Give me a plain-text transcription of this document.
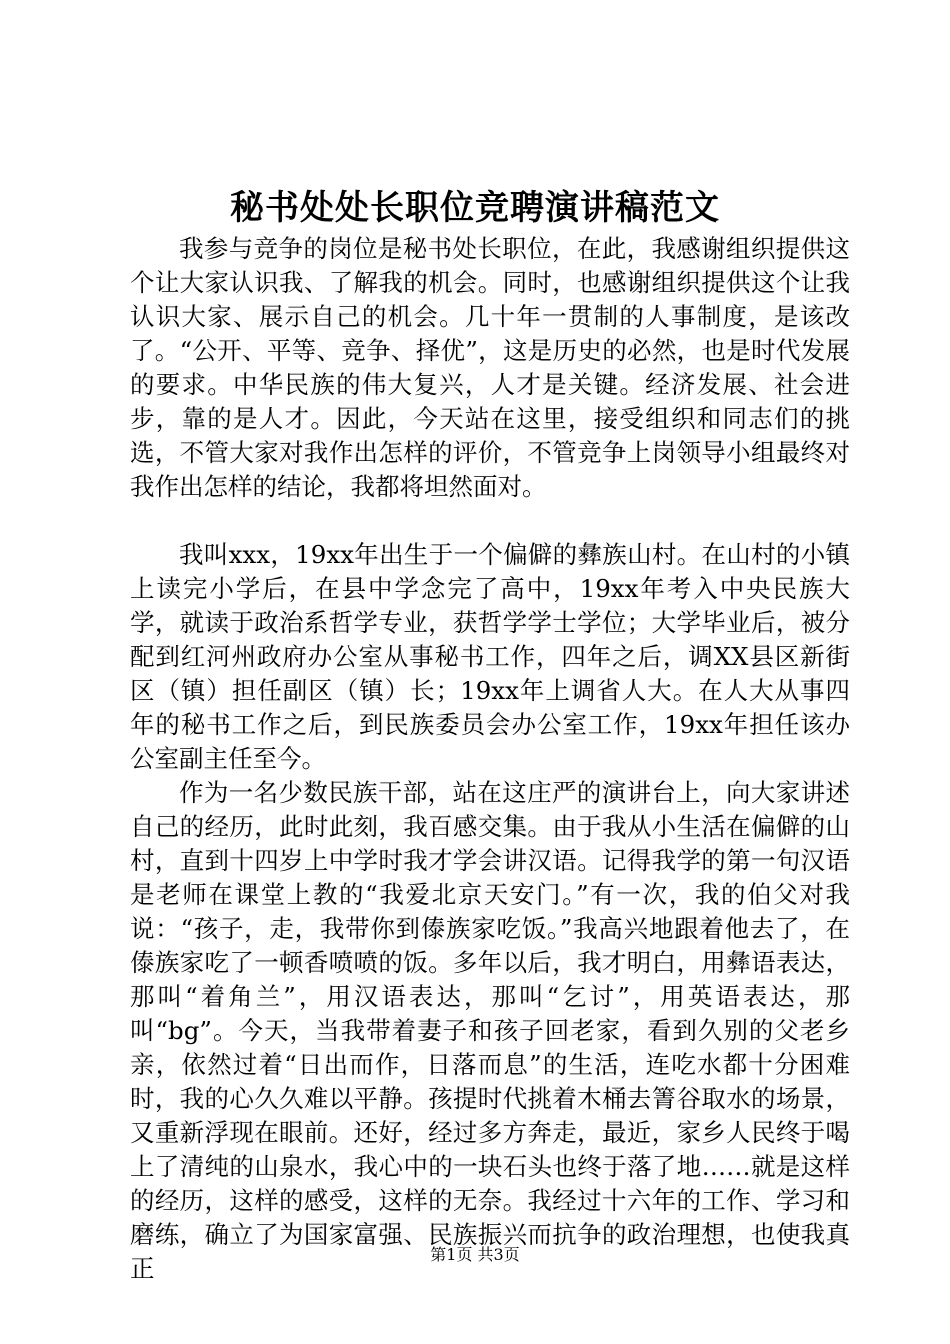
秘书处处长职位竞聘演讲稿范文

我参与竞争的岗位是秘书处长职位，在此，我感谢组织提供这个让大家认识我、了解我的机会。同时，也感谢组织提供这个让我认识大家、展示自己的机会。几十年一贯制的人事制度，是该改了。“公开、平等、竞争、择优”，这是历史的必然，也是时代发展的要求。中华民族的伟大复兴，人才是关键。经济发展、社会进步，靠的是人才。因此，今天站在这里，接受组织和同志们的挑选，不管大家对我作出怎样的评价，不管竞争上岗领导小组最终对我作出怎样的结论，我都将坦然面对。

我叫xxx，19xx年出生于一个偏僻的彝族山村。在山村的小镇上读完小学后，在县中学念完了高中，19xx年考入中央民族大学，就读于政治系哲学专业，获哲学学士学位；大学毕业后，被分配到红河州政府办公室从事秘书工作，四年之后，调XX县区新街区（镇）担任副区（镇）长；19xx年上调省人大。在人大从事四年的秘书工作之后，到民族委员会办公室工作，19xx年担任该办公室副主任至今。

作为一名少数民族干部，站在这庄严的演讲台上，向大家讲述自己的经历，此时此刻，我百感交集。由于我从小生活在偏僻的山村，直到十四岁上中学时我才学会讲汉语。记得我学的第一句汉语是老师在课堂上教的“我爱北京天安门。”有一次，我的伯父对我说：“孩子，走，我带你到傣族家吃饭。”我高兴地跟着他去了，在傣族家吃了一顿香喷喷的饭。多年以后，我才明白，用彝语表达，那叫“着角兰”，用汉语表达，那叫“乞讨”，用英语表达，那叫“bg”。今天，当我带着妻子和孩子回老家，看到久别的父老乡亲，依然过着“日出而作，日落而息”的生活，连吃水都十分困难时，我的心久久难以平静。孩提时代挑着木桶去箐谷取水的场景，又重新浮现在眼前。还好，经过多方奔走，最近，家乡人民终于喝上了清纯的山泉水，我心中的一块石头也终于落了地……就是这样的经历，这样的感受，这样的无奈。我经过十六年的工作、学习和磨练，确立了为国家富强、民族振兴而抗争的政治理想，也使我真正	第1页 共3页
